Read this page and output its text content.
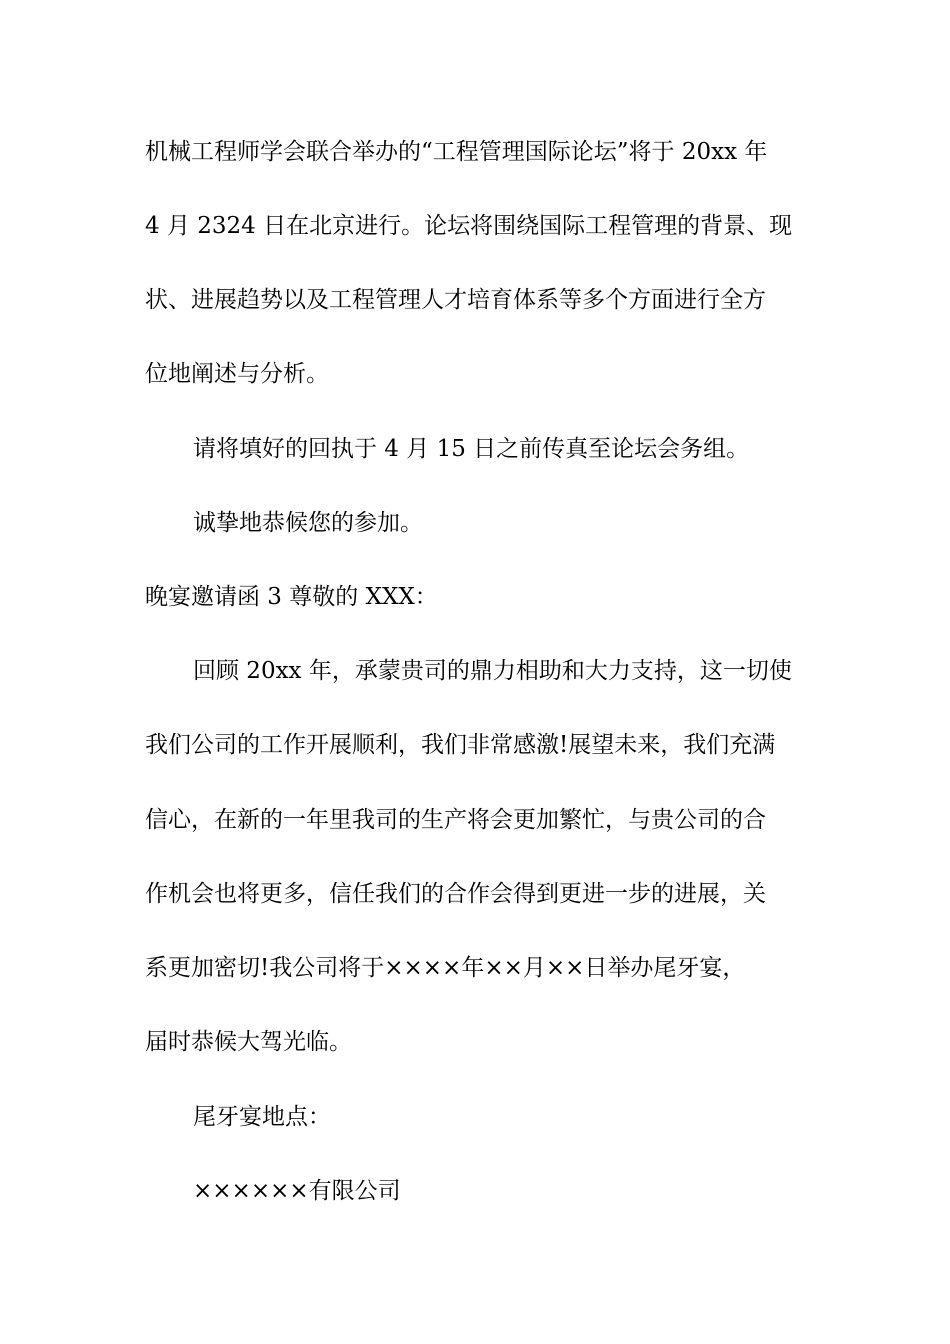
机械工程师学会联合举办的“工程管理国际论坛”将于 20xx 年
4 月 2324 日在北京进行。论坛将围绕国际工程管理的背景、现
状、进展趋势以及工程管理人才培育体系等多个方面进行全方
位地阐述与分析。
请将填好的回执于 4 月 15 日之前传真至论坛会务组。
诚挚地恭候您的参加。
晚宴邀请函 3 尊敬的 XXX：
回顾 20xx 年，承蒙贵司的鼎力相助和大力支持，这一切使
我们公司的工作开展顺利，我们非常感激!展望未来，我们充满
信心，在新的一年里我司的生产将会更加繁忙，与贵公司的合
作机会也将更多，信任我们的合作会得到更进一步的进展，关
系更加密切!我公司将于××××年××月××日举办尾牙宴，
届时恭候大驾光临。
尾牙宴地点：
××××××有限公司
